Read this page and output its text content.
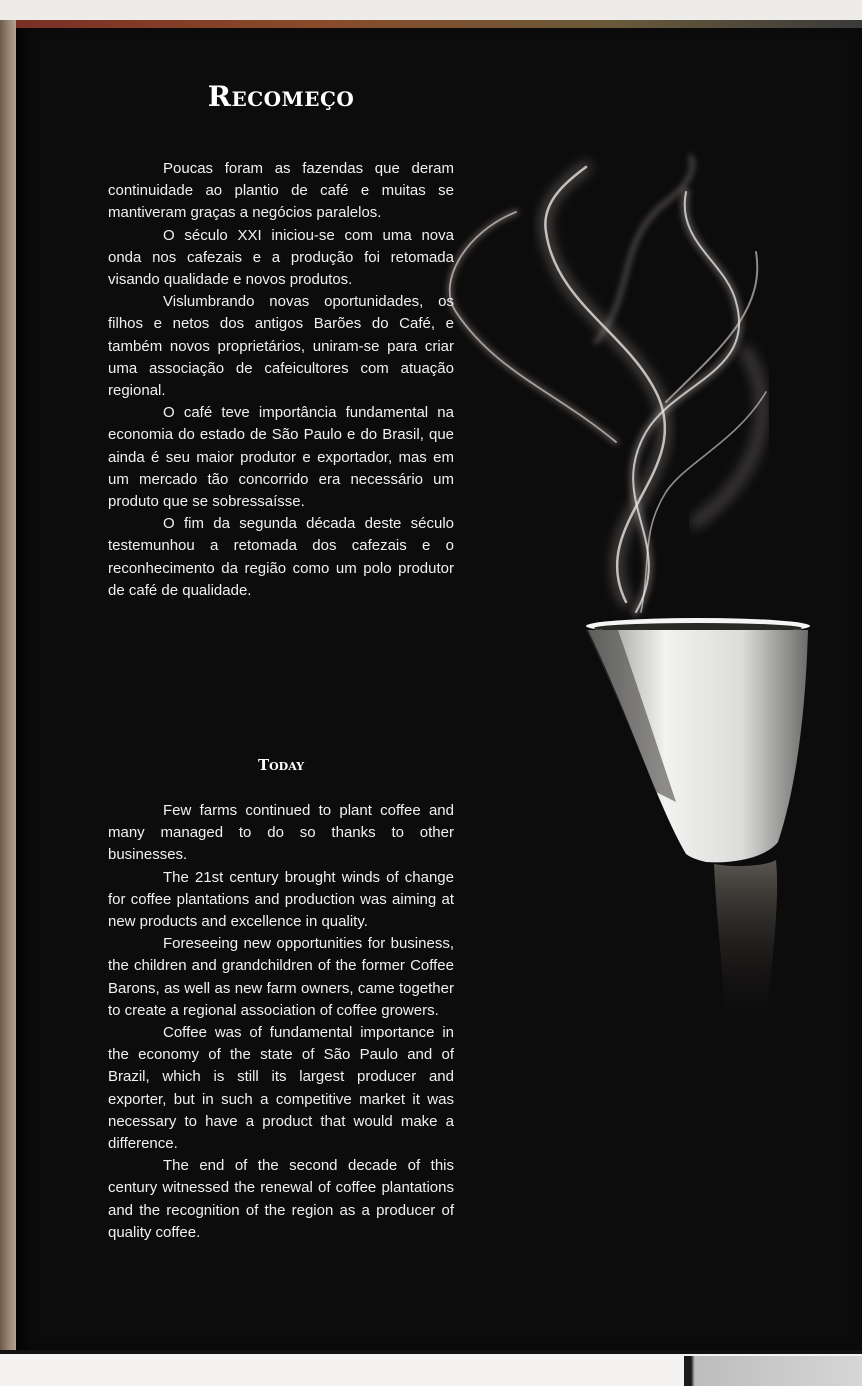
Recomeço

Poucas foram as fazendas que deram continuidade ao plantio de café e muitas se mantiveram graças a negócios paralelos.

O século XXI iniciou-se com uma nova onda nos cafezais e a produção foi retomada visando qualidade e novos produtos.

Vislumbrando novas oportunidades, os filhos e netos dos antigos Barões do Café, e também novos proprietários, uniram-se para criar uma associação de cafeicultores com atuação regional.

O café teve importância fundamental na economia do estado de São Paulo e do Brasil, que ainda é seu maior produtor e exportador, mas em um mercado tão concorrido era necessário um produto que se sobressaísse.

O fim da segunda década deste século testemunhou a retomada dos cafezais e o reconhecimento da região como um polo produtor de café de qualidade.

Today

Few farms continued to plant coffee and many managed to do so thanks to other businesses.

The 21st century brought winds of change for coffee plantations and production was aiming at new products and excellence in quality.

Foreseeing new opportunities for business, the children and grandchildren of the former Coffee Barons, as well as new farm owners, came together to create a regional association of coffee growers.

Coffee was of fundamental importance in the economy of the state of São Paulo and of Brazil, which is still its largest producer and exporter, but in such a competitive market it was necessary to have a product that would make a difference.

The end of the second decade of this century witnessed the renewal of coffee plantations and the recognition of the region as a producer of quality coffee.
